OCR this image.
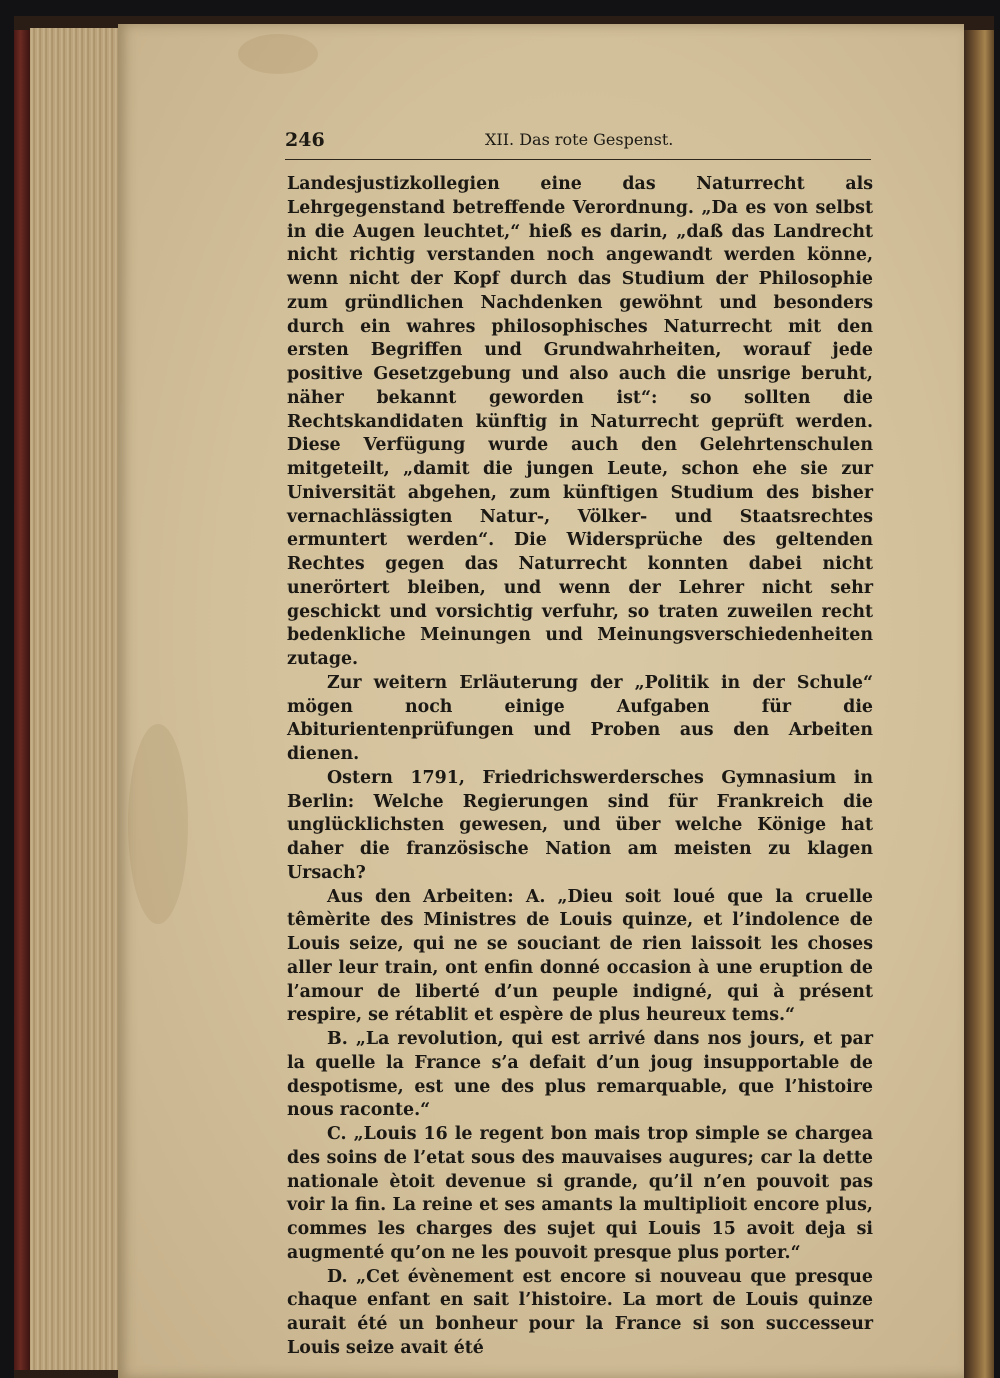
246	XII. Das rote Gespenst.

Landesjustizkollegien eine das Naturrecht als Lehrgegenstand betreffende Verordnung. „Da es von selbst in die Augen leuchtet,“ hieß es darin, „daß das Landrecht nicht richtig verstanden noch angewandt werden könne, wenn nicht der Kopf durch das Studium der Philosophie zum gründlichen Nachdenken gewöhnt und besonders durch ein wahres philosophisches Naturrecht mit den ersten Begriffen und Grundwahrheiten, worauf jede positive Gesetzgebung und also auch die unsrige beruht, näher bekannt geworden ist“: so sollten die Rechtskandidaten künftig in Naturrecht geprüft werden. Diese Verfügung wurde auch den Gelehrtenschulen mitgeteilt, „damit die jungen Leute, schon ehe sie zur Universität abgehen, zum künftigen Studium des bisher vernachlässigten Natur-, Völker- und Staatsrechtes ermuntert werden“. Die Widersprüche des geltenden Rechtes gegen das Naturrecht konnten dabei nicht unerörtert bleiben, und wenn der Lehrer nicht sehr geschickt und vorsichtig verfuhr, so traten zuweilen recht bedenkliche Meinungen und Meinungsverschiedenheiten zutage.

Zur weitern Erläuterung der „Politik in der Schule“ mögen noch einige Aufgaben für die Abiturientenprüfungen und Proben aus den Arbeiten dienen.

Ostern 1791, Friedrichswerdersches Gymnasium in Berlin: Welche Regierungen sind für Frankreich die unglücklichsten gewesen, und über welche Könige hat daher die französische Nation am meisten zu klagen Ursach?

Aus den Arbeiten: A. „Dieu soit loué que la cruelle têmèrite des Ministres de Louis quinze, et l’indolence de Louis seize, qui ne se souciant de rien laissoit les choses aller leur train, ont enfin donné occasion à une eruption de l’amour de liberté d’un peuple indigné, qui à présent respire, se rétablit et espère de plus heureux tems.“

B. „La revolution, qui est arrivé dans nos jours, et par la quelle la France s’a defait d’un joug insupportable de despotisme, est une des plus remarquable, que l’histoire nous raconte.“

C. „Louis 16 le regent bon mais trop simple se chargea des soins de l’etat sous des mauvaises augures; car la dette nationale ètoit devenue si grande, qu’il n’en pouvoit pas voir la fin. La reine et ses amants la multiplioit encore plus, commes les charges des sujet qui Louis 15 avoit deja si augmenté qu’on ne les pouvoit presque plus porter.“

D. „Cet évènement est encore si nouveau que presque chaque enfant en sait l’histoire. La mort de Louis quinze aurait été un bonheur pour la France si son successeur Louis seize avait été
